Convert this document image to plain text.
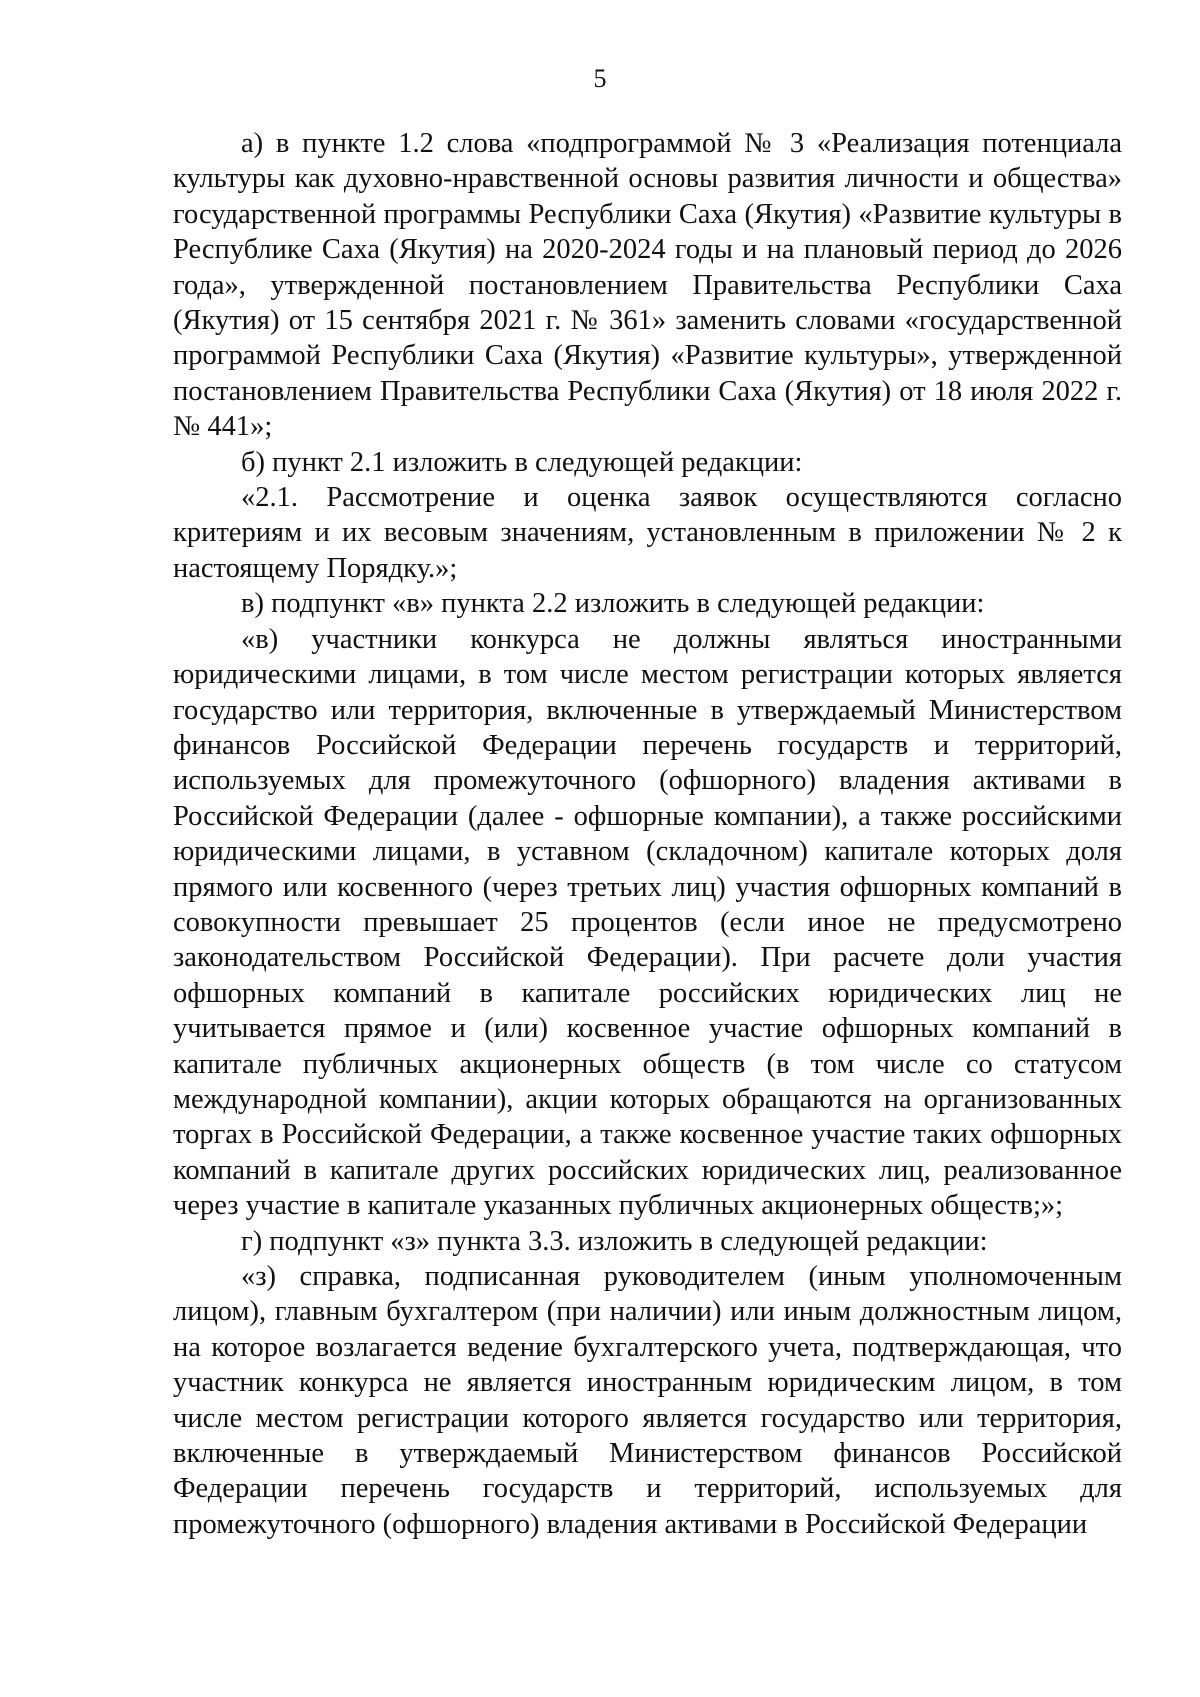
5

а) в пункте 1.2 слова «подпрограммой № 3 «Реализация потенциала культуры как духовно-нравственной основы развития личности и общества» государственной программы Республики Саха (Якутия) «Развитие культуры в Республике Саха (Якутия) на 2020-2024 годы и на плановый период до 2026 года», утвержденной постановлением Правительства Республики Саха (Якутия) от 15 сентября 2021 г. № 361» заменить словами «государственной программой Республики Саха (Якутия) «Развитие культуры», утвержденной постановлением Правительства Республики Саха (Якутия) от 18 июля 2022 г. № 441»;

б) пункт 2.1 изложить в следующей редакции:

«2.1. Рассмотрение и оценка заявок осуществляются согласно критериям и их весовым значениям, установленным в приложении № 2 к настоящему Порядку.»;

в) подпункт «в» пункта 2.2 изложить в следующей редакции:

«в) участники конкурса не должны являться иностранными юридическими лицами, в том числе местом регистрации которых является государство или территория, включенные в утверждаемый Министерством финансов Российской Федерации перечень государств и территорий, используемых для промежуточного (офшорного) владения активами в Российской Федерации (далее - офшорные компании), а также российскими юридическими лицами, в уставном (складочном) капитале которых доля прямого или косвенного (через третьих лиц) участия офшорных компаний в совокупности превышает 25 процентов (если иное не предусмотрено законодательством Российской Федерации). При расчете доли участия офшорных компаний в капитале российских юридических лиц не учитывается прямое и (или) косвенное участие офшорных компаний в капитале публичных акционерных обществ (в том числе со статусом международной компании), акции которых обращаются на организованных торгах в Российской Федерации, а также косвенное участие таких офшорных компаний в капитале других российских юридических лиц, реализованное через участие в капитале указанных публичных акционерных обществ;»;

г) подпункт «з» пункта 3.3. изложить в следующей редакции:

«з) справка, подписанная руководителем (иным уполномоченным лицом), главным бухгалтером (при наличии) или иным должностным лицом, на которое возлагается ведение бухгалтерского учета, подтверждающая, что участник конкурса не является иностранным юридическим лицом, в том числе местом регистрации которого является государство или территория, включенные в утверждаемый Министерством финансов Российской Федерации перечень государств и территорий, используемых для промежуточного (офшорного) владения активами в Российской Федерации
